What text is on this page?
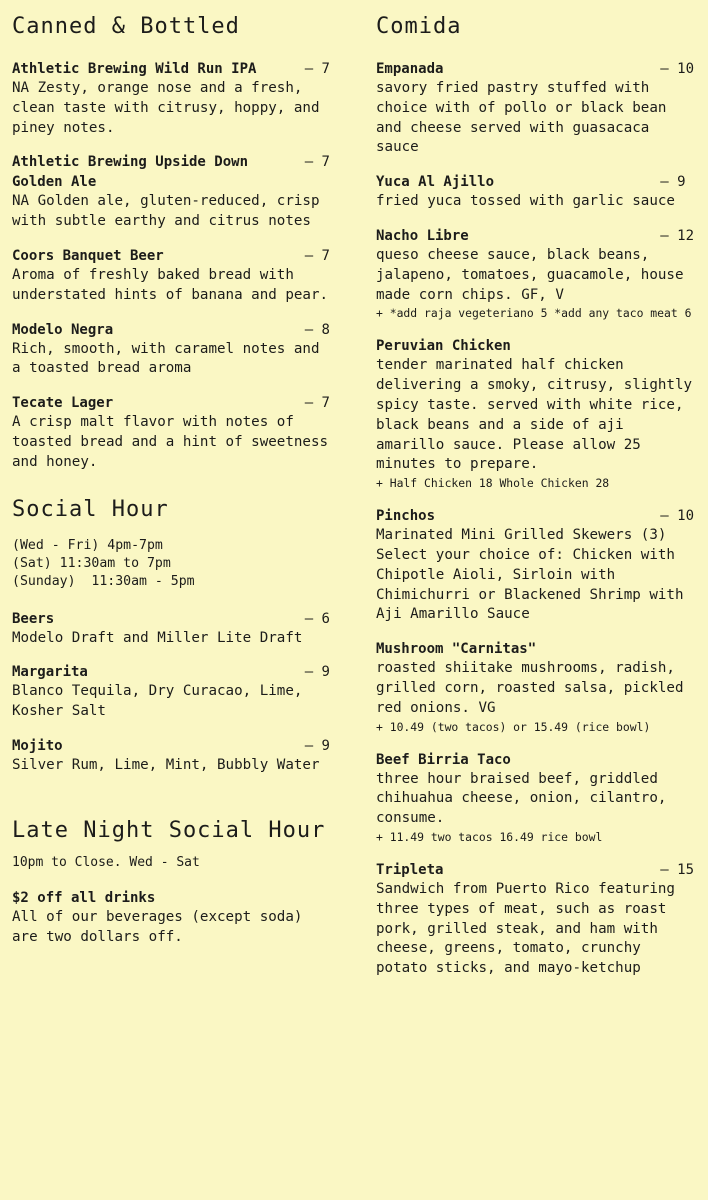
Canned & Bottled
Athletic Brewing Wild Run IPA	– 7
NA Zesty, orange nose and a fresh, clean taste with citrusy, hoppy, and piney notes.
Athletic Brewing Upside Down Golden Ale
– 7
NA Golden ale, gluten-reduced, crisp with subtle earthy and citrus notes
Coors Banquet Beer	– 7
Aroma of freshly baked bread with understated hints of banana and pear.
Modelo Negra	– 8
Rich, smooth, with caramel notes and a toasted bread aroma
Tecate Lager	– 7
A crisp malt flavor with notes of toasted bread and a hint of sweetness and honey.
Social Hour
(Wed - Fri) 4pm-7pm
(Sat) 11:30am to 7pm
(Sunday)  11:30am - 5pm
Beers	– 6
Modelo Draft and Miller Lite Draft
Margarita	– 9
Blanco Tequila, Dry Curacao, Lime, Kosher Salt
Mojito	– 9
Silver Rum, Lime, Mint, Bubbly Water
Late Night Social Hour
10pm to Close. Wed - Sat
$2 off all drinks
All of our beverages (except soda) are two dollars off.
Comida
Empanada	– 10
savory fried pastry stuffed with choice with of pollo or black bean and cheese served with guasacaca sauce
Yuca Al Ajillo	– 9
fried yuca tossed with garlic sauce
Nacho Libre	– 12
queso cheese sauce, black beans, jalapeno, tomatoes, guacamole, house made corn chips. GF, V
+ *add raja vegeteriano 5 *add any taco meat 6
Peruvian Chicken
tender marinated half chicken delivering a smoky, citrusy, slightly spicy taste. served with white rice, black beans and a side of aji amarillo sauce. Please allow 25 minutes to prepare.
+ Half Chicken 18 Whole Chicken 28
Pinchos	– 10
Marinated Mini Grilled Skewers (3) Select your choice of: Chicken with Chipotle Aioli, Sirloin with Chimichurri or Blackened Shrimp with Aji Amarillo Sauce
Mushroom "Carnitas"
roasted shiitake mushrooms, radish, grilled corn, roasted salsa, pickled red onions. VG
+ 10.49 (two tacos) or 15.49 (rice bowl)
Beef Birria Taco
three hour braised beef, griddled chihuahua cheese, onion, cilantro, consume.
+ 11.49 two tacos 16.49 rice bowl
Tripleta	– 15
Sandwich from Puerto Rico featuring three types of meat, such as roast pork, grilled steak, and ham with cheese, greens, tomato, crunchy potato sticks, and mayo-ketchup
